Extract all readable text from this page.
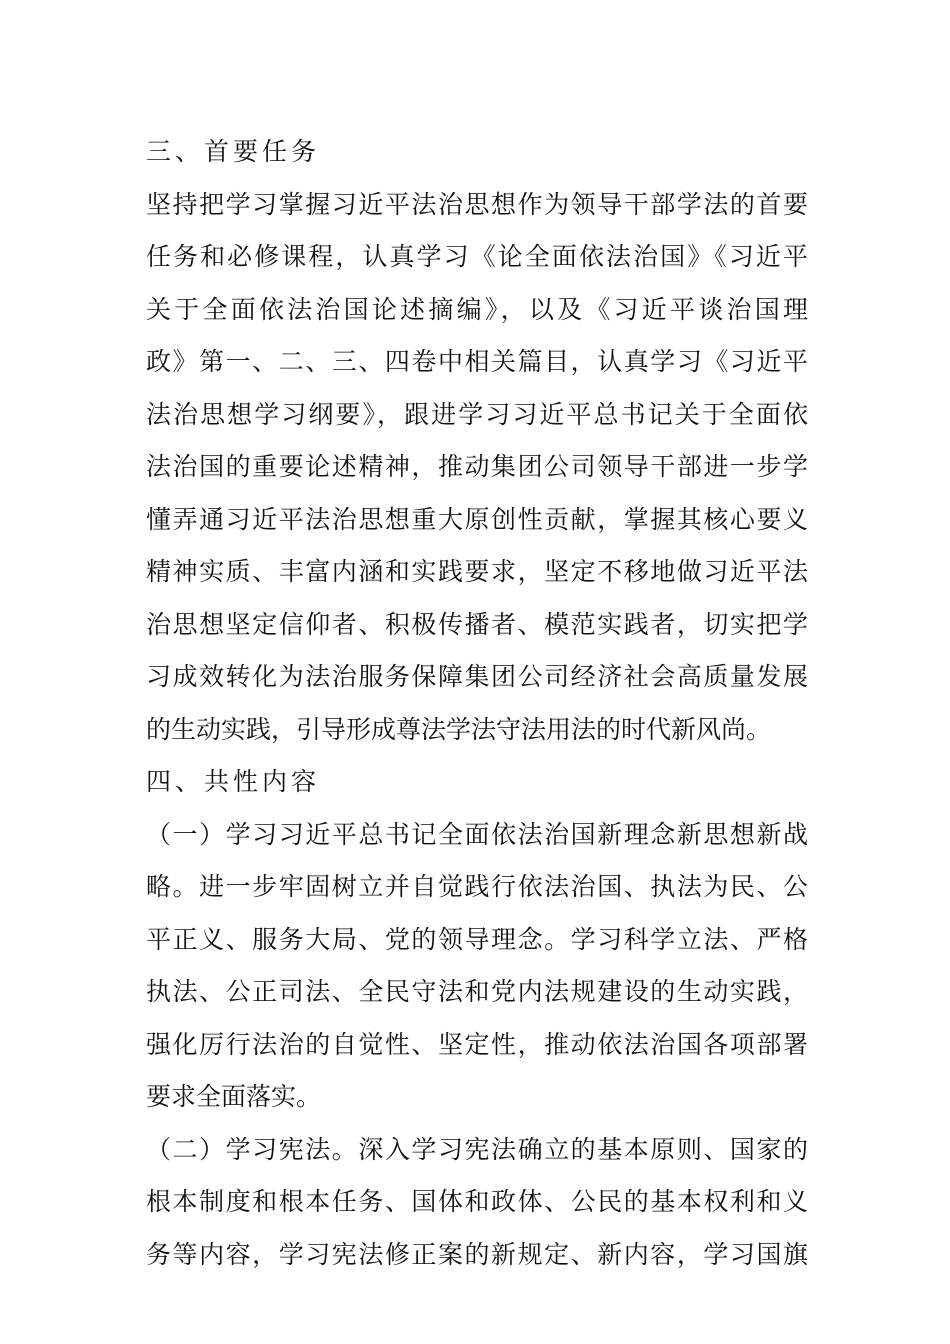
三、首要任务

坚持把学习掌握习近平法治思想作为领导干部学法的首要
任务和必修课程，认真学习《论全面依法治国》《习近平
关于全面依法治国论述摘编》，以及《习近平谈治国理
政》第一、二、三、四卷中相关篇目，认真学习《习近平
法治思想学习纲要》，跟进学习习近平总书记关于全面依
法治国的重要论述精神，推动集团公司领导干部进一步学
懂弄通习近平法治思想重大原创性贡献，掌握其核心要义
精神实质、丰富内涵和实践要求，坚定不移地做习近平法
治思想坚定信仰者、积极传播者、模范实践者，切实把学
习成效转化为法治服务保障集团公司经济社会高质量发展
的生动实践，引导形成尊法学法守法用法的时代新风尚。

四、共性内容

（一）学习习近平总书记全面依法治国新理念新思想新战
略。进一步牢固树立并自觉践行依法治国、执法为民、公
平正义、服务大局、党的领导理念。学习科学立法、严格
执法、公正司法、全民守法和党内法规建设的生动实践，
强化厉行法治的自觉性、坚定性，推动依法治国各项部署
要求全面落实。

（二）学习宪法。深入学习宪法确立的基本原则、国家的
根本制度和根本任务、国体和政体、公民的基本权利和义
务等内容，学习宪法修正案的新规定、新内容，学习国旗
